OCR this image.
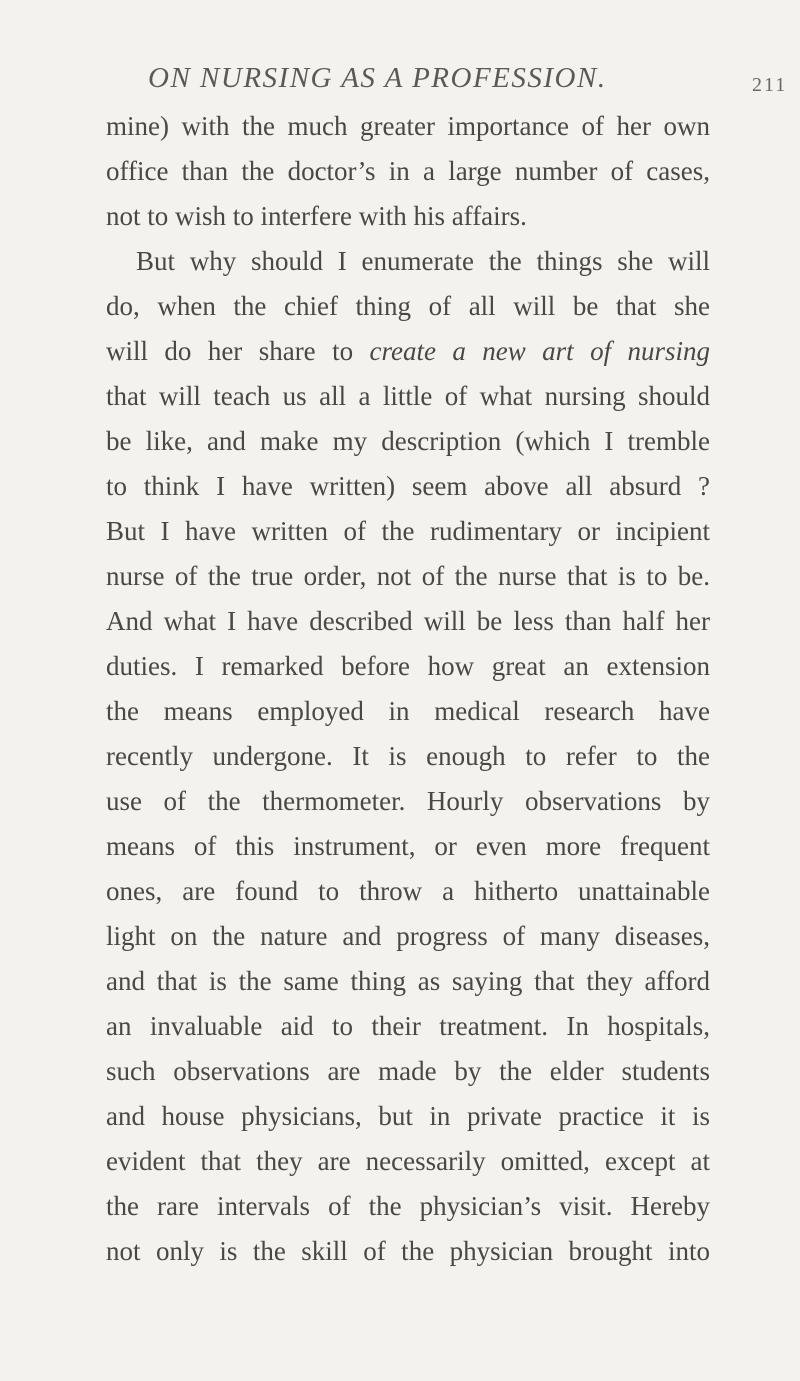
ON NURSING AS A PROFESSION.	211
mine) with the much greater importance of her own
office than the doctor’s in a large number of cases,
not to wish to interfere with his affairs.
But why should I enumerate the things she will
do, when the chief thing of all will be that she
will do her share to create a new art of nursing
that will teach us all a little of what nursing should
be like, and make my description (which I tremble
to think I have written) seem above all absurd ?
But I have written of the rudimentary or incipient
nurse of the true order, not of the nurse that is to be.
And what I have described will be less than half her
duties. I remarked before how great an extension
the means employed in medical research have
recently undergone. It is enough to refer to the
use of the thermometer. Hourly observations by
means of this instrument, or even more frequent
ones, are found to throw a hitherto unattainable
light on the nature and progress of many diseases,
and that is the same thing as saying that they afford
an invaluable aid to their treatment. In hospitals,
such observations are made by the elder students
and house physicians, but in private practice it is
evident that they are necessarily omitted, except at
the rare intervals of the physician’s visit. Hereby
not only is the skill of the physician brought into
